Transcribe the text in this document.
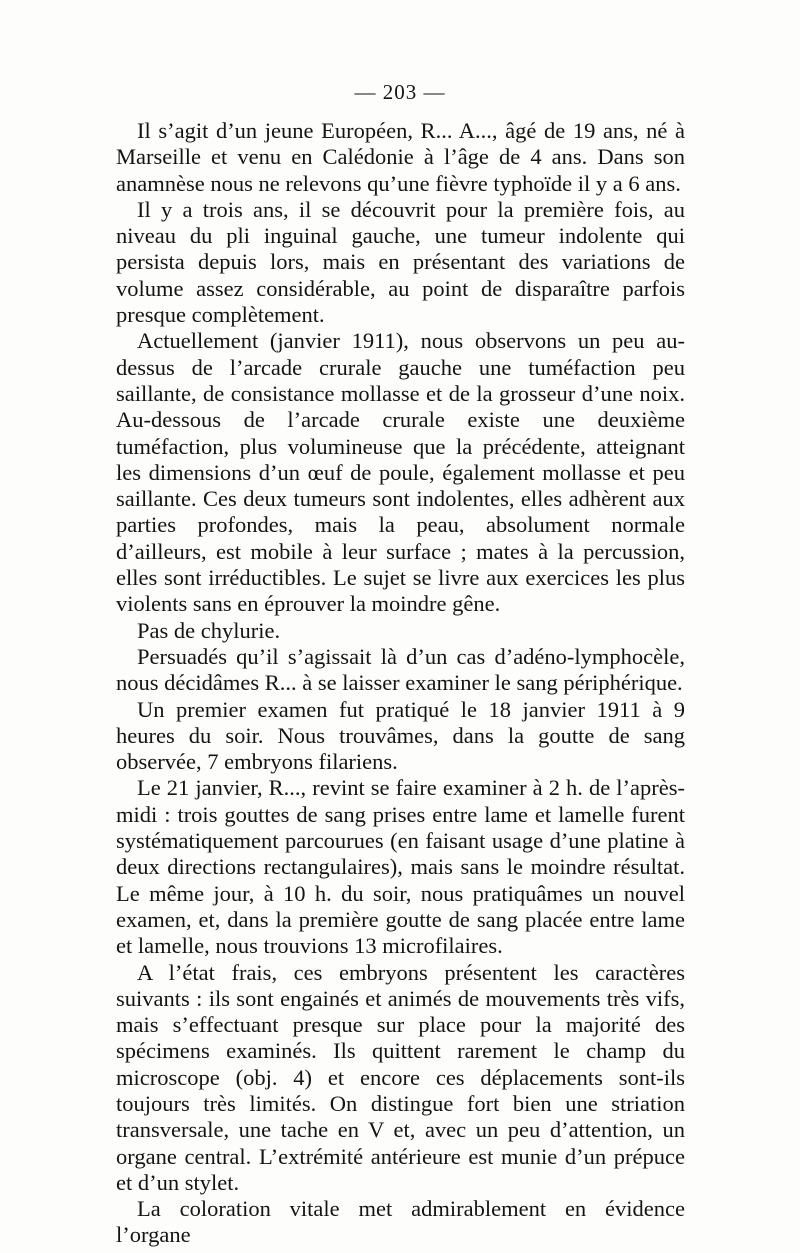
— 203 —

Il s’agit d’un jeune Européen, R... A..., âgé de 19 ans, né à Marseille et venu en Calédonie à l’âge de 4 ans. Dans son anamnèse nous ne relevons qu’une fièvre typhoïde il y a 6 ans.

Il y a trois ans, il se découvrit pour la première fois, au niveau du pli inguinal gauche, une tumeur indolente qui persista depuis lors, mais en présentant des variations de volume assez considérable, au point de disparaître parfois presque complètement.

Actuellement (janvier 1911), nous observons un peu au-dessus de l’arcade crurale gauche une tuméfaction peu saillante, de consistance mollasse et de la grosseur d’une noix. Au-dessous de l’arcade crurale existe une deuxième tuméfaction, plus volumineuse que la précédente, atteignant les dimensions d’un œuf de poule, également mollasse et peu saillante. Ces deux tumeurs sont indolentes, elles adhèrent aux parties profondes, mais la peau, absolument normale d’ailleurs, est mobile à leur surface ; mates à la percussion, elles sont irréductibles. Le sujet se livre aux exercices les plus violents sans en éprouver la moindre gêne.

Pas de chylurie.

Persuadés qu’il s’agissait là d’un cas d’adéno-lymphocèle, nous décidâmes R... à se laisser examiner le sang périphérique.

Un premier examen fut pratiqué le 18 janvier 1911 à 9 heures du soir. Nous trouvâmes, dans la goutte de sang observée, 7 embryons filariens.

Le 21 janvier, R..., revint se faire examiner à 2 h. de l’après-midi : trois gouttes de sang prises entre lame et lamelle furent systématiquement parcourues (en faisant usage d’une platine à deux directions rectangulaires), mais sans le moindre résultat. Le même jour, à 10 h. du soir, nous pratiquâmes un nouvel examen, et, dans la première goutte de sang placée entre lame et lamelle, nous trouvions 13 microfilaires.

A l’état frais, ces embryons présentent les caractères suivants : ils sont engainés et animés de mouvements très vifs, mais s’effectuant presque sur place pour la majorité des spécimens examinés. Ils quittent rarement le champ du microscope (obj. 4) et encore ces déplacements sont-ils toujours très limités. On distingue fort bien une striation transversale, une tache en V et, avec un peu d’attention, un organe central. L’extrémité antérieure est munie d’un prépuce et d’un stylet.

La coloration vitale met admirablement en évidence l’organe
